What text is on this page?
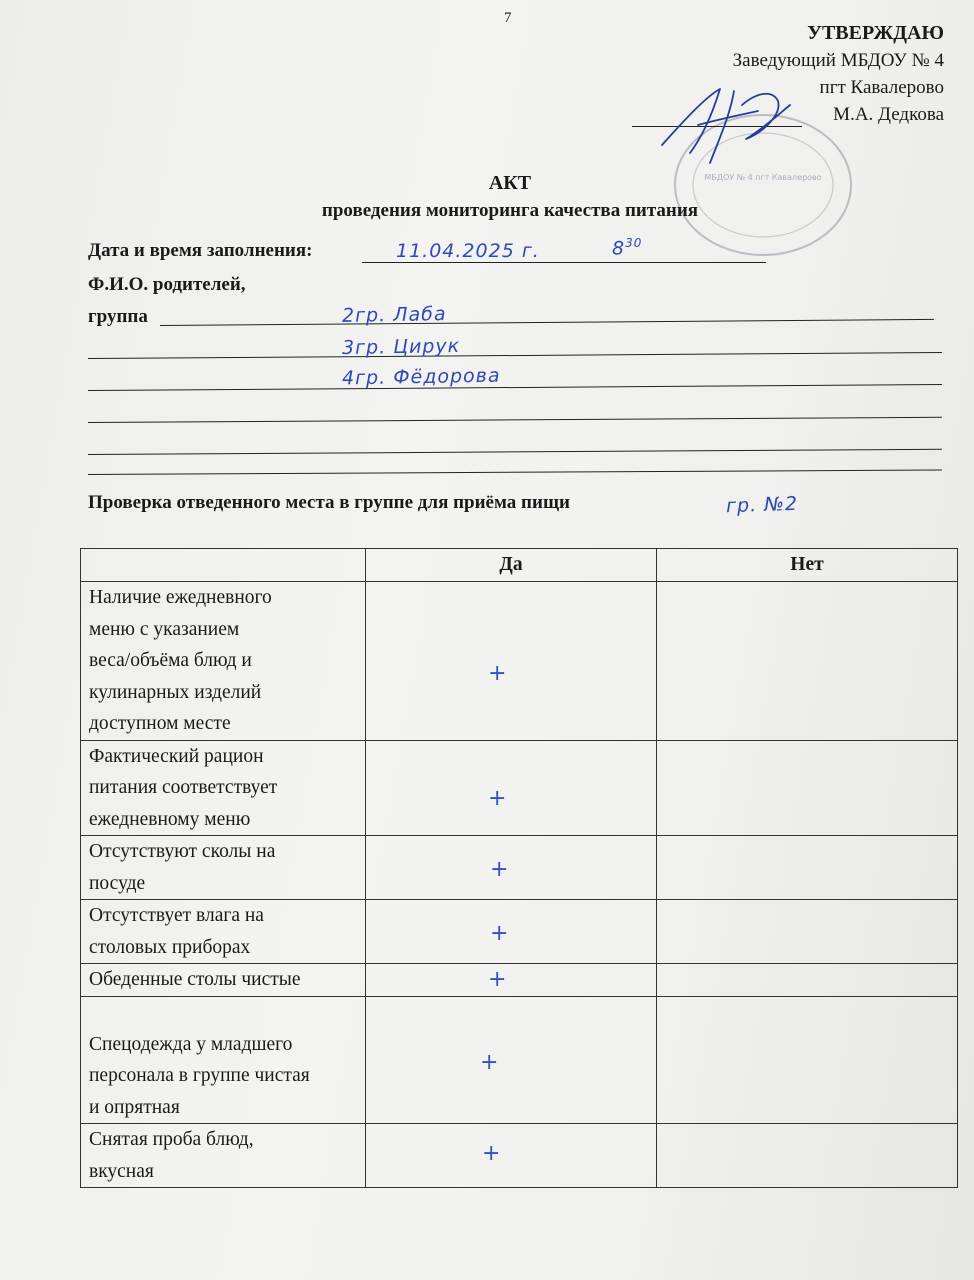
7
УТВЕРЖДАЮ
Заведующий МБДОУ № 4
пгт Кавалерово
М.А. Дедкова
МБДОУ № 4 пгт Кавалерово
АКТ
проведения мониторинга качества питания
Дата и время заполнения:	11.04.2025 г.	$8^{30}$
Ф.И.О. родителей,
группа	2гр. Лаба
3гр. Цирук
4гр. Фёдорова
Проверка отведенного места в группе для приёма пищи	гр. №2
	Да	Нет

Наличие ежедневного
меню с указанием
веса/объёма блюд и
кулинарных изделий
доступном месте	+	

Фактический рацион
питания соответствует
ежедневному меню	+	

Отсутствуют сколы на
посуде	+	

Отсутствует влага на
столовых приборах	+	

Обеденные столы чистые	+	

Спецодежда у младшего
персонала в группе чистая
и опрятная	+	

Снятая проба блюд,
вкусная	+	
